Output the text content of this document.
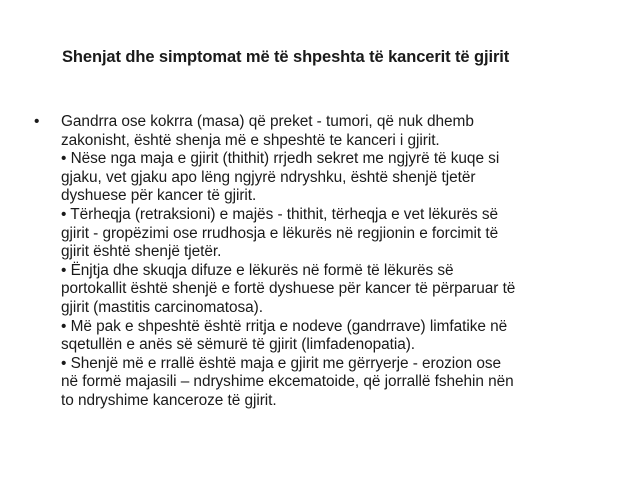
Shenjat dhe simptomat më të shpeshta të kancerit të gjirit
• Gandrra ose kokrra (masa) që preket - tumori, që nuk dhemb
zakonisht, është shenja më e shpeshtë te kanceri i gjirit.
• Nëse nga maja e gjirit (thithit) rrjedh sekret me ngjyrë të kuqe si
gjaku, vet gjaku apo lëng ngjyrë ndryshku, është shenjë tjetër
dyshuese për kancer të gjirit.
• Tërheqja (retraksioni) e majës - thithit, tërheqja e vet lëkurës së
gjirit - gropëzimi ose rrudhosja e lëkurës në regjionin e forcimit të
gjirit është shenjë tjetër.
• Ënjtja dhe skuqja difuze e lëkurës në formë të lëkurës së
portokallit është shenjë e fortë dyshuese për kancer të përparuar të
gjirit (mastitis carcinomatosa).
• Më pak e shpeshtë është rritja e nodeve (gandrrave) limfatike në
sqetullën e anës së sëmurë të gjirit (limfadenopatia).
• Shenjë më e rrallë është maja e gjirit me gërryerje - erozion ose
në formë majasili – ndryshime ekcematoide, që jorrallë fshehin nën
to ndryshime kanceroze të gjirit.
